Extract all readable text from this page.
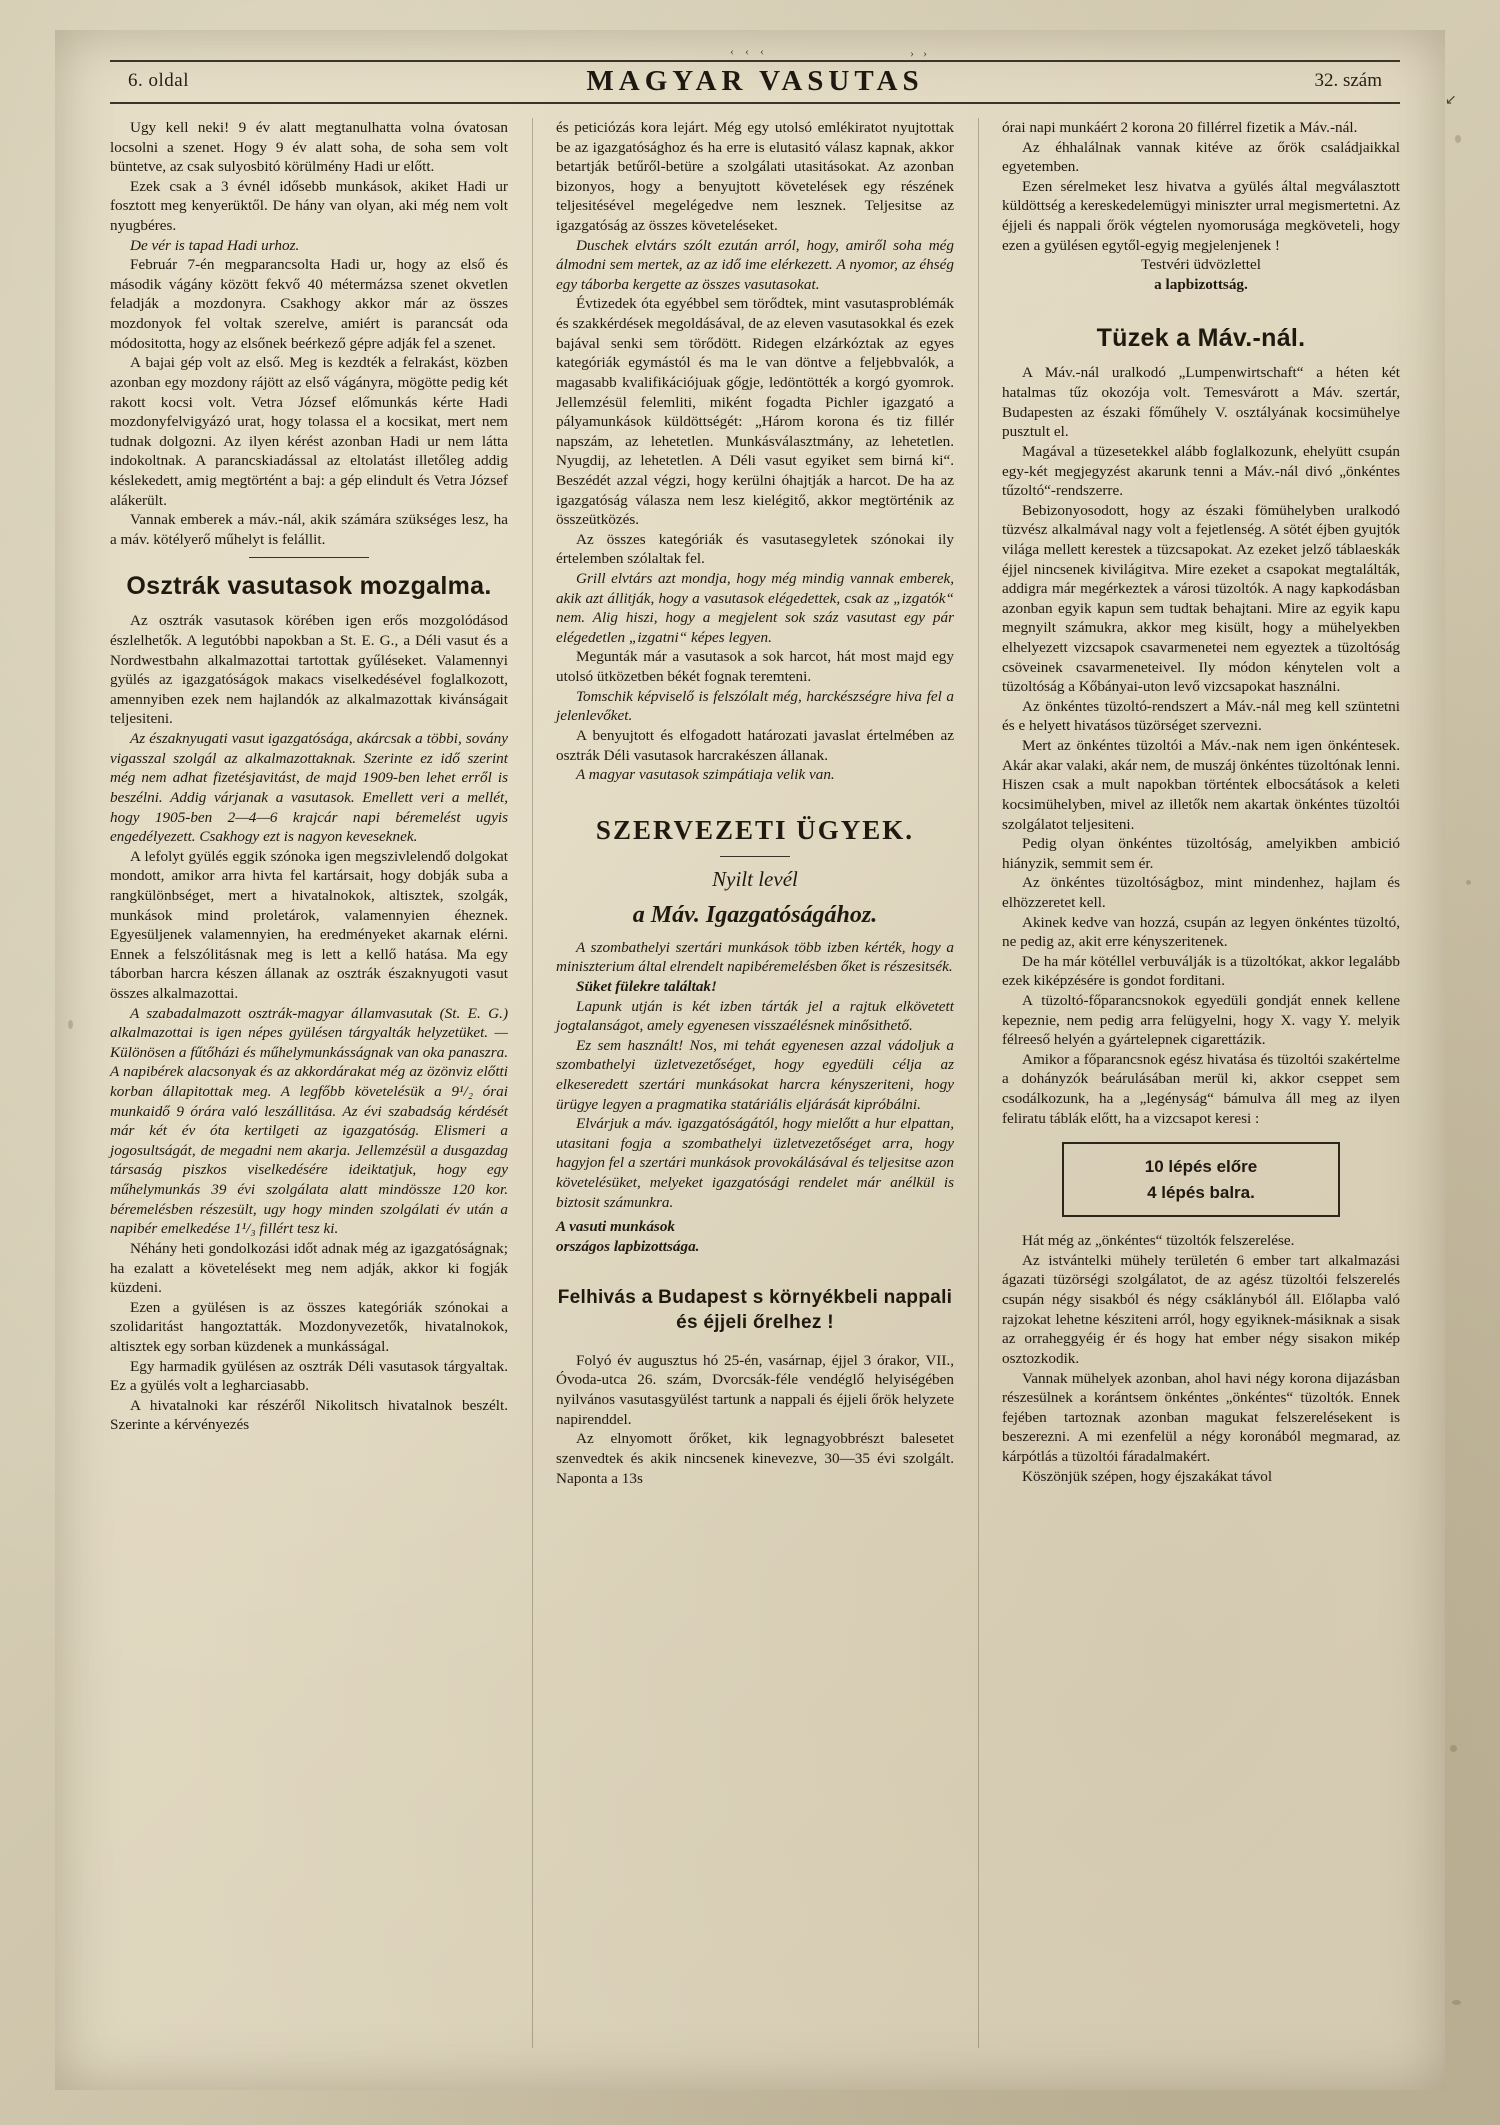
↙
‹ ‹ ‹	› ›
6. oldal	MAGYAR VASUTAS	32. szám

Ugy kell neki! 9 év alatt megtanulhatta volna óvatosan locsolni a szenet. Hogy 9 év alatt soha, de soha sem volt büntetve, az csak sulyosbitó körülmény Hadi ur előtt.

Ezek csak a 3 évnél idősebb munkások, akiket Hadi ur fosztott meg kenyerüktől. De hány van olyan, aki még nem volt nyugbéres.

De vér is tapad Hadi urhoz.

Február 7-én megparancsolta Hadi ur, hogy az első és második vágány között fekvő 40 métermázsa szenet okvetlen feladják a mozdonyra. Csakhogy akkor már az összes mozdonyok fel voltak szerelve, amiért is parancsát oda módositotta, hogy az elsőnek beérkező gépre adják fel a szenet.

A bajai gép volt az első. Meg is kezdték a felrakást, közben azonban egy mozdony rájött az első vágányra, mögötte pedig két rakott kocsi volt. Vetra József előmunkás kérte Hadi mozdonyfelvigyázó urat, hogy tolassa el a kocsikat, mert nem tudnak dolgozni. Az ilyen kérést azonban Hadi ur nem látta indokoltnak. A parancskiadással az eltolatást illetőleg addig késlekedett, amig megtörtént a baj: a gép elindult és Vetra József alákerült.

Vannak emberek a máv.-nál, akik számára szükséges lesz, ha a máv. kötélyerő műhelyt is felállit.

Osztrák vasutasok mozgalma.

Az osztrák vasutasok körében igen erős mozgolódásod észlelhetők. A legutóbbi napokban a St. E. G., a Déli vasut és a Nordwestbahn alkalmazottai tartottak gyűléseket. Valamennyi gyülés az igazgatóságok makacs viselkedésével foglalkozott, amennyiben ezek nem hajlandók az alkalmazottak kivánságait teljesiteni.

Az északnyugati vasut igazgatósága, akárcsak a többi, sovány vigasszal szolgál az alkalmazottaknak. Szerinte ez idő szerint még nem adhat fizetésjavitást, de majd 1909-ben lehet erről is beszélni. Addig várjanak a vasutasok. Emellett veri a mellét, hogy 1905-ben 2—4—6 krajcár napi béremelést ugyis engedélyezett. Csakhogy ezt is nagyon keveseknek.

A lefolyt gyülés eggik szónoka igen megszivlelendő dolgokat mondott, amikor arra hivta fel kartársait, hogy dobják suba a rangkülönbséget, mert a hivatalnokok, altisztek, szolgák, munkások mind proletárok, valamennyien éheznek. Egyesüljenek valamennyien, ha eredményeket akarnak elérni. Ennek a felszólitásnak meg is lett a kellő hatása. Ma egy táborban harcra készen állanak az osztrák északnyugoti vasut összes alkalmazottai.

A szabadalmazott osztrák-magyar államvasutak (St. E. G.) alkalmazottai is igen népes gyülésen tárgyalták helyzetüket. — Különösen a fűtőházi és műhelymunkásságnak van oka panaszra. A napibérek alacsonyak és az akkordárakat még az özönviz előtti korban állapitottak meg. A legfőbb követelésük a 9¹/₂ órai munkaidő 9 órára való leszállitása. Az évi szabadság kérdését már két év óta kertilgeti az igazgatóság. Elismeri a jogosultságát, de megadni nem akarja. Jellemzésül a dusgazdag társaság piszkos viselkedésére ideiktatjuk, hogy egy műhelymunkás 39 évi szolgálata alatt mindössze 120 kor. béremelésben részesült, ugy hogy minden szolgálati év után a napibér emelkedése 1¹/₃ fillért tesz ki.

Néhány heti gondolkozási időt adnak még az igazgatóságnak; ha ezalatt a követelésekt meg nem adják, akkor ki fogják küzdeni.

Ezen a gyülésen is az összes kategóriák szónokai a szolidaritást hangoztatták. Mozdonyvezetők, hivatalnokok, altisztek egy sorban küzdenek a munkásságal.

Egy harmadik gyülésen az osztrák Déli vasutasok tárgyaltak. Ez a gyülés volt a legharciasabb.

A hivatalnoki kar részéről Nikolitsch hivatalnok beszélt. Szerinte a kérvényezés

és peticiózás kora lejárt. Még egy utolsó emlékiratot nyujtottak be az igazgatósághoz és ha erre is elutasitó válasz kapnak, akkor betartják betűről-betüre a szolgálati utasitásokat. Az azonban bizonyos, hogy a benyujtott követelések egy részének teljesitésével megelégedve nem lesznek. Teljesitse az igazgatóság az összes követeléseket.

Duschek elvtárs szólt ezután arról, hogy, amiről soha még álmodni sem mertek, az az idő ime elérkezett. A nyomor, az éhség egy táborba kergette az összes vasutasokat.

Évtizedek óta egyébbel sem törődtek, mint vasutasproblémák és szakkérdések megoldásával, de az eleven vasutasokkal és ezek bajával senki sem törődött. Ridegen elzárkóztak az egyes kategóriák egymástól és ma le van döntve a feljebbvalók, a magasabb kvalifikációjuak gőgje, ledöntötték a korgó gyomrok. Jellemzésül felemliti, miként fogadta Pichler igazgató a pályamunkások küldöttségét: „Három korona és tiz fillér napszám, az lehetetlen. Munkásválasztmány, az lehetetlen. Nyugdij, az lehetetlen. A Déli vasut egyiket sem birná ki“. Beszédét azzal végzi, hogy kerülni óhajtják a harcot. De ha az igazgatóság válasza nem lesz kielégitő, akkor megtörténik az összeütközés.

Az összes kategóriák és vasutasegyletek szónokai ily értelemben szólaltak fel.

Grill elvtárs azt mondja, hogy még mindig vannak emberek, akik azt állitják, hogy a vasutasok elégedettek, csak az „izgatók“ nem. Alig hiszi, hogy a megjelent sok száz vasutast egy pár elégedetlen „izgatni“ képes legyen.

Megunták már a vasutasok a sok harcot, hát most majd egy utolsó ütközetben békét fognak teremteni.

Tomschik képviselő is felszólalt még, harckészségre hiva fel a jelenlevőket.

A benyujtott és elfogadott határozati javaslat értelmében az osztrák Déli vasutasok harcrakészen állanak.

A magyar vasutasok szimpátiaja velik van.

SZERVEZETI ÜGYEK.
Nyilt levél
a Máv. Igazgatóságához.

A szombathelyi szertári munkások több izben kérték, hogy a miniszterium által elrendelt napibéremelésben őket is részesitsék.

Süket fülekre találtak!

Lapunk utján is két izben tárták jel a rajtuk elkövetett jogtalanságot, amely egyenesen visszaélésnek minősithető.

Ez sem használt! Nos, mi tehát egyenesen azzal vádoljuk a szombathelyi üzletvezetőséget, hogy egyedüli célja az elkeseredett szertári munkásokat harcra kényszeriteni, hogy ürügye legyen a pragmatika statáriális eljárását kipróbálni.

Elvárjuk a máv. igazgatóságától, hogy mielőtt a hur elpattan, utasitani fogja a szombathelyi üzletvezetőséget arra, hogy hagyjon fel a szertári munkások provokálásával és teljesitse azon követelésüket, melyeket igazgatósági rendelet már anélkül is biztosit számunkra.

A vasuti munkások

országos lapbizottsága.

Felhivás a Budapest s környékbeli nappali és éjjeli őrelhez !

Folyó év augusztus hó 25-én, vasárnap, éjjel 3 órakor, VII., Óvoda-utca 26. szám, Dvorcsák-féle vendéglő helyiségében nyilvános vasutasgyülést tartunk a nappali és éjjeli őrök helyzete napirenddel.

Az elnyomott őrőket, kik legnagyobbrészt balesetet szenvedtek és akik nincsenek kinevezve, 30—35 évi szolgált. Naponta a 13s

órai napi munkáért 2 korona 20 fillérrel fizetik a Máv.-nál.

Az éhhalálnak vannak kitéve az őrök családjaikkal egyetemben.

Ezen sérelmeket lesz hivatva a gyülés által megválasztott küldöttség a kereskedelemügyi miniszter urral megismertetni. Az éjjeli és nappali őrök végtelen nyomorusága megköveteli, hogy ezen a gyülésen egytől-egyig megjelenjenek !

Testvéri üdvözlettel

a lapbizottság.

Tüzek a Máv.-nál.

A Máv.-nál uralkodó „Lumpenwirtschaft“ a héten két hatalmas tűz okozója volt. Temesvárott a Máv. szertár, Budapesten az északi főműhely V. osztályának kocsimühelye pusztult el.

Magával a tüzesetekkel alább foglalkozunk, ehelyütt csupán egy-két megjegyzést akarunk tenni a Máv.-nál divó „önkéntes tűzoltó“-rendszerre.

Bebizonyosodott, hogy az északi fömühelyben uralkodó tüzvész alkalmával nagy volt a fejetlenség. A sötét éjben gyujtók világa mellett kerestek a tüzcsapokat. Az ezeket jelző táblaeskák éjjel nincsenek kivilágitva. Mire ezeket a csapokat megtalálták, addigra már megérkeztek a városi tüzoltók. A nagy kapkodásban azonban egyik kapun sem tudtak behajtani. Mire az egyik kapu megnyilt számukra, akkor meg kisült, hogy a mühelyekben elhelyezett vizcsapok csavarmenetei nem egyeztek a tüzoltóság csöveinek csavarmeneteivel. Ily módon kénytelen volt a tüzoltóság a Kőbányai-uton levő vizcsapokat használni.

Az önkéntes tüzoltó-rendszert a Máv.-nál meg kell szüntetni és e helyett hivatásos tüzörséget szervezni.

Mert az önkéntes tüzoltói a Máv.-nak nem igen önkéntesek. Akár akar valaki, akár nem, de muszáj önkéntes tüzoltónak lenni. Hiszen csak a mult napokban történtek elbocsátások a keleti kocsimühelyben, mivel az illetők nem akartak önkéntes tüzoltói szolgálatot teljesiteni.

Pedig olyan önkéntes tüzoltóság, amelyikben ambició hiányzik, semmit sem ér.

Az önkéntes tüzoltóságboz, mint mindenhez, hajlam és elhözzeretet kell.

Akinek kedve van hozzá, csupán az legyen önkéntes tüzoltó, ne pedig az, akit erre kényszeritenek.

De ha már kötéllel verbuválják is a tüzoltókat, akkor legalább ezek kiképzésére is gondot forditani.

A tüzoltó-főparancsnokok egyedüli gondját ennek kellene kepeznie, nem pedig arra felügyelni, hogy X. vagy Y. melyik félreeső helyén a gyártelepnek cigarettázik.

Amikor a főparancsnok egész hivatása és tüzoltói szakértelme a dohányzók beárulásában merül ki, akkor cseppet sem csodálkozunk, ha a „legényság“ bámulva áll meg az ilyen feliratu táblák előtt, ha a vizcsapot keresi :

10 lépés előre
4 lépés balra.

Hát még az „önkéntes“ tüzoltók felszerelése.

Az istvántelki mühely területén 6 ember tart alkalmazási ágazati tüzörségi szolgálatot, de az agész tüzoltói felszerelés csupán négy sisakból és négy csáklányból áll. Előlapba való rajzokat lehetne késziteni arról, hogy egyiknek-másiknak a sisak az orraheggyéig ér és hogy hat ember négy sisakon mikép osztozkodik.

Vannak mühelyek azonban, ahol havi négy korona dijazásban részesülnek a korántsem önkéntes „önkéntes“ tüzoltók. Ennek fejében tartoznak azonban magukat felszerelésekent is beszerezni. A mi ezenfelül a négy koronából megmarad, az kárpótlás a tüzoltói fáradalmakért.

Köszönjük szépen, hogy éjszakákat távol
